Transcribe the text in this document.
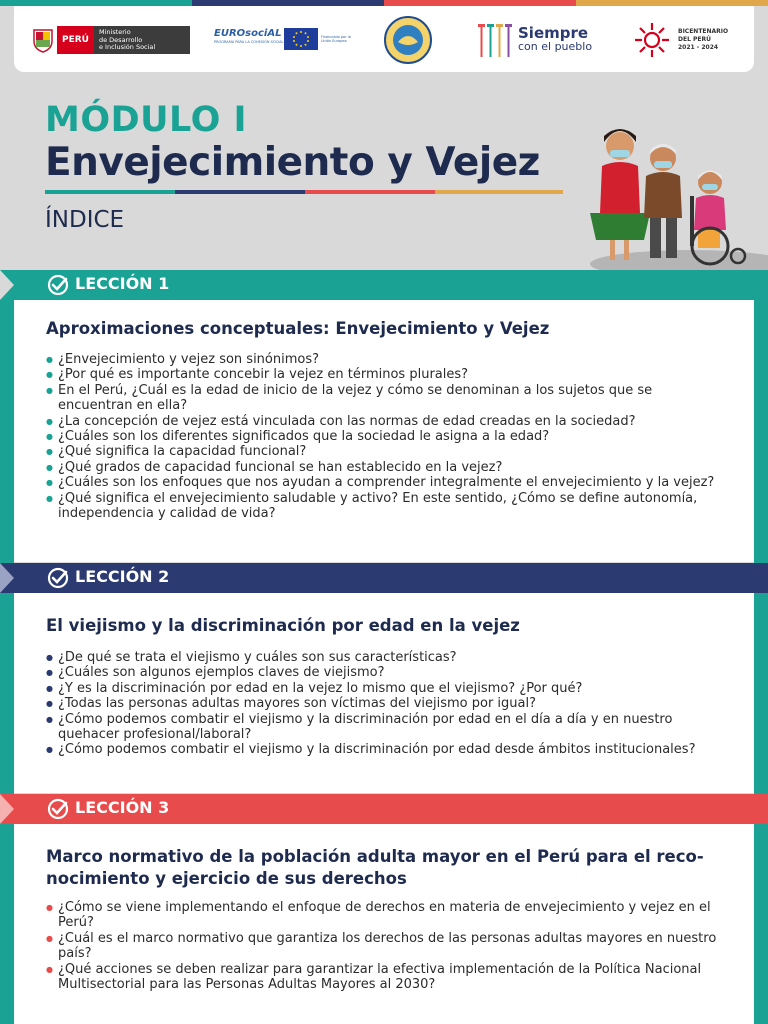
PERÚ
Ministerio
de Desarrollo
e Inclusión Social
EUROsociAL
PROGRAMA PARA LA COHESIÓN SOCIAL
Financiado por la Unión Europea	Siempre
con el pueblo
BICENTENARIO
DEL PERÚ
2021 - 2024
MÓDULO I
Envejecimiento y Vejez
ÍNDICE
LECCIÓN 1
Aproximaciones conceptuales: Envejecimiento y Vejez
● ¿Envejecimiento y vejez son sinónimos?
● ¿Por qué es importante concebir la vejez en términos plurales?
● En el Perú, ¿Cuál es la edad de inicio de la vejez y cómo se denominan a los sujetos que se encuentran en ella?
● ¿La concepción de vejez está vinculada con las normas de edad creadas en la sociedad?
● ¿Cuáles son los diferentes significados que la sociedad le asigna a la edad?
● ¿Qué significa la capacidad funcional?
● ¿Qué grados de capacidad funcional se han establecido en la vejez?
● ¿Cuáles son los enfoques que nos ayudan a comprender integralmente el envejecimiento y la vejez?
● ¿Qué significa el envejecimiento saludable y activo? En este sentido, ¿Cómo se define autonomía, independencia y calidad de vida?
LECCIÓN 2
El viejismo y la discriminación por edad en la vejez
● ¿De qué se trata el viejismo y cuáles son sus características?
● ¿Cuáles son algunos ejemplos claves de viejismo?
● ¿Y es la discriminación por edad en la vejez lo mismo que el viejismo? ¿Por qué?
● ¿Todas las personas adultas mayores son víctimas del viejismo por igual?
● ¿Cómo podemos combatir el viejismo y la discriminación por edad en el día a día y en nuestro quehacer profesional/laboral?
● ¿Cómo podemos combatir el viejismo y la discriminación por edad desde ámbitos institucionales?
LECCIÓN 3
Marco normativo de la población adulta mayor en el Perú para el reco-
nocimiento y ejercicio de sus derechos
● ¿Cómo se viene implementando el enfoque de derechos en materia de envejecimiento y vejez en el Perú?
● ¿Cuál es el marco normativo que garantiza los derechos de las personas adultas mayores en nuestro país?
● ¿Qué acciones se deben realizar para garantizar la efectiva implementación de la Política Nacional Multisectorial para las Personas Adultas Mayores al 2030?
